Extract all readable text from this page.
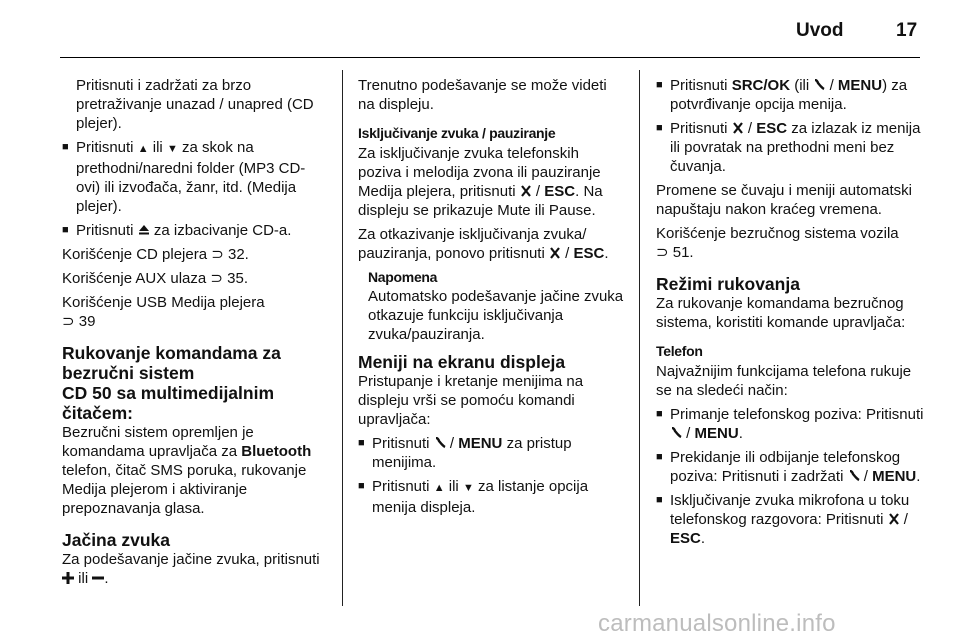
Uvod	17

Pritisnuti i zadržati za brzo pretraživanje unazad / unapred (CD plejer).

■ Pritisnuti ▲ ili ▼ za skok na prethodni/naredni folder (MP3 CD-ovi) ili izvođača, žanr, itd. (Medija plejer).
■ Pritisnuti za izbacivanje CD-a.

Korišćenje CD plejera ⊃ 32.

Korišćenje AUX ulaza ⊃ 35.

Korišćenje USB Medija plejera
⊃ 39

Rukovanje komandama za bezručni sistem
CD 50 sa multimedijalnim čitačem:

Bezručni sistem opremljen je komandama upravljača za Bluetooth telefon, čitač SMS poruka, rukovanje Medija plejerom i aktiviranje prepoznavanja glasa.

Jačina zvuka

Za podešavanje jačine zvuka, pritisnuti  ili .

Trenutno podešavanje se može videti na displeju.

Isključivanje zvuka / pauziranje

Za isključivanje zvuka telefonskih poziva i melodija zvona ili pauziranje Medija plejera, pritisnuti / ESC. Na displeju se prikazuje Mute ili Pause.

Za otkazivanje isključivanja zvuka/ pauziranja, ponovo pritisnuti / ESC.

Napomena
Automatsko podešavanje jačine zvuka otkazuje funkciju isključivanja zvuka/pauziranja.
Meniji na ekranu displeja

Pristupanje i kretanje menijima na displeju vrši se pomoću komandi upravljača:

■ Pritisnuti / MENU za pristup menijima.
■ Pritisnuti ▲ ili ▼ za listanje opcija menija displeja.
■ Pritisnuti SRC/OK (ili / MENU) za potvrđivanje opcija menija.
■ Pritisnuti / ESC za izlazak iz menija ili povratak na prethodni meni bez čuvanja.

Promene se čuvaju i meniji automatski napuštaju nakon kraćeg vremena.

Korišćenje bezručnog sistema vozila
⊃ 51.

Režimi rukovanja

Za rukovanje komandama bezručnog sistema, koristiti komande upravljača:

Telefon

Najvažnijim funkcijama telefona rukuje se na sledeći način:

■ Primanje telefonskog poziva: Pritisnuti  / MENU.
■ Prekidanje ili odbijanje telefonskog poziva: Pritisnuti i zadržati / MENU.
■ Isključivanje zvuka mikrofona u toku telefonskog razgovora: Pritisnuti / ESC.
carmanualsonline.info
